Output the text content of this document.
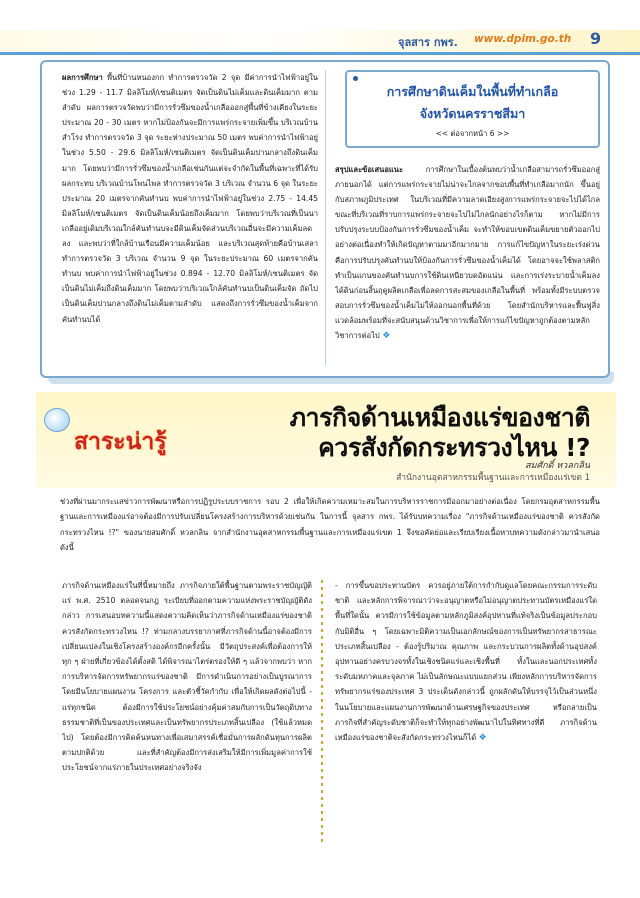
จุลสาร กพร. www.dpim.go.th 9
ผลการศึกษา พื้นที่บ้านหนองกก ทำการตรวจวัด 2 จุด มีค่าการนำไฟฟ้าอยู่ในช่วง 1.29 - 11.7 มิลลิโมห์/เซนติเมตร จัดเป็นดินไม่เค็มและดินเค็มมาก ตามลำดับ ผลการตรวจวัดพบว่ามีการรั่วซึมของน้ำเกลือออกสู่พื้นที่ข้างเคียงในระยะประมาณ 20 - 30 เมตร หากไม่ป้องกันจะมีการแพร่กระจายเพิ่มขึ้น บริเวณบ้านสำโรง ทำการตรวจวัด 3 จุด ระยะห่างประมาณ 50 เมตร พบค่าการนำไฟฟ้าอยู่ในช่วง 5.50 - 29.6 มิลลิโมห์/เซนติเมตร จัดเป็นดินเค็มปานกลางถึงดินเค็มมาก โดยพบว่ามีการรั่วซึมของน้ำเกลือเช่นกันแต่จะจำกัดในพื้นที่เฉพาะที่ได้รับผลกระทบ บริเวณบ้านโพนไพล ทำการตรวจวัด 3 บริเวณ จำนวน 6 จุด ในระยะประมาณ 20 เมตรจากคันทำนบ พบค่าการนำไฟฟ้าอยู่ในช่วง 2.75 - 14.45 มิลลิโมห์/เซนติเมตร จัดเป็นดินเค็มน้อยถึงเค็มมาก โดยพบว่าบริเวณที่เป็นนาเกลืออยู่เดิมบริเวณใกล้คันทำนบจะมีดินเค็มจัดส่วนบริเวณอื่นจะมีความเค็มลดลง และพบว่าที่ใกล้บ้านเรือนมีความเค็มน้อย และบริเวณสุดท้ายคือบ้านเสลา ทำการตรวจวัด 3 บริเวณ จำนวน 9 จุด ในระยะประมาณ 60 เมตรจากคันทำนบ พบค่าการนำไฟฟ้าอยู่ในช่วง 0.894 - 12.70 มิลลิโมห์/เซนติเมตร จัดเป็นดินไม่เค็มถึงดินเค็มมาก โดยพบว่าบริเวณใกล้คันทำนบเป็นดินเค็มจัด ถัดไปเป็นดินเค็มปานกลางถึงดินไม่เค็มตามลำดับ แสดงถึงการรั่วซึมของน้ำเค็มจากคันทำนบได้
การศึกษาดินเค็มในพื้นที่ทำเกลือ
จังหวัดนครราชสีมา
<< ต่อจากหน้า 6 >>
สรุปและข้อเสนอแนะ การศึกษาในเบื้องต้นพบว่าน้ำเกลือสามารถรั่วซึมออกสู่ภายนอกได้ แต่การแพร่กระจายไม่น่าจะไกลจากขอบพื้นที่ทำเกลือมากนัก ขึ้นอยู่กับสภาพภูมิประเทศ ในบริเวณที่มีความลาดเอียงสูงการแพร่กระจายจะไปได้ไกลขณะที่บริเวณที่ราบการแพร่กระจายจะไปไม่ไกลนักอย่างไรก็ตาม หากไม่มีการปรับปรุงระบบป้องกันการรั่วซึมของน้ำเค็ม จะทำให้ขอบเขตดินเค็มขยายตัวออกไปอย่างต่อเนื่องทำให้เกิดปัญหาตามมาอีกมากมาย การแก้ไขปัญหาในระยะเร่งด่วนคือการปรับปรุงคันทำนบให้ป้องกันการรั่วซึมของน้ำเค็มได้ โดยอาจจะใช้พลาสติกทำเป็นแกนของคันทำนบการใช้ดินเหนียวบดอัดแน่น และการเร่งระบายน้ำเค็มลงได้ดินก่อนสิ้นฤดูผลิตเกลือเพื่อลดการสะสมของเกลือในพื้นที่ พร้อมทั้งมีระบบตรวจสอบการรั่วซึมของน้ำเค็มไม่ให้ออกนอกพื้นที่ด้วย โดยสำนักบริหารและฟื้นฟูสิ่งแวดล้อมพร้อมที่จะสนับสนุนด้านวิชาการเพื่อให้การแก้ไขปัญหาถูกต้องตามหลักวิชาการต่อไป ❖
สาระน่ารู้
ภารกิจด้านเหมืองแร่ของชาติ
ควรสังกัดกระทรวงไหน !?
สมศักดิ์ หวลกลิน
สำนักงานอุตสาหกรรมพื้นฐานและการเหมืองแร่เขต 1
ช่วงที่ผ่านมากระแสข่าวการพัฒนาหรือการปฏิรูประบบราชการ รอบ 2 เพื่อให้เกิดความเหมาะสมในการบริหารราชการมีออกมาอย่างต่อเนื่อง โดยกรมอุตสาหกรรมพื้นฐานและการเหมืองแร่อาจต้องมีการปรับเปลี่ยนโครงสร้างการบริหารด้วยเช่นกัน ในการนี้ จุลสาร กพร. ได้รับบทความเรื่อง "ภารกิจด้านเหมืองแร่ของชาติ ควรสังกัดกระทรวงไหน !?" ของนายสมศักดิ์ หวลกลิน จากสำนักงานอุตสาหกรรมพื้นฐานและการเหมืองแร่เขต 1 จึงขอคัดย่อและเรียบเรียงเนื้อหาบทความดังกล่าวมานำเสนอ ดังนี้
ภารกิจด้านเหมืองแร่ในที่นี้หมายถึง ภารกิจภายใต้พื้นฐานตามพระราชบัญญัติแร่ พ.ศ. 2510 ตลอดจนกฎ ระเบียบที่ออกตามความแห่งพระราชบัญญัติดังกล่าว การเสนอบทความนี้แสดงความคิดเห็นว่าภารกิจด้านเหมืองแร่ของชาติ ควรสังกัดกระทรวงไหน !? ท่ามกลางบรรยากาศที่ภารกิจด้านนี้อาจต้องมีการเปลี่ยนแปลงในเชิงโครงสร้างองค์กรอีกครั้งนั้น มีวัตถุประสงค์เพื่อต้องการให้ทุก ๆ ฝ่ายที่เกี่ยวข้องได้ตั้งสติ ได้พิจารณาไตร่ตรองให้ดี ๆ แล้วจากพบว่า หากการบริหารจัดการทรัพยากรแร่ของชาติ มีการดำเนินการอย่างเป็นบูรณาการ โดยมีนโยบายแผนงาน โครงการ และตัวชี้วัดกำกับ เพื่อให้เกิดผลดังต่อไปนี้ - แร่ทุกชนิด ต้องมีการใช้ประโยชน์อย่างคุ้มค่าสมกับการเป็นวัตถุดิบทางธรรมชาติที่เป็นของประเทศและเป็นทรัพยากรประเภทสิ้นเปลือง (ใช้แล้วหมดไป) โดยต้องมีการคิดค้นหนทางเพื่อเสมาสรรค์เชื่อมั่นการผลักดันทุนการผลิตตามปกติด้วย และที่สำคัญต้องมีการส่งเสริมให้มีการเพิ่มมูลค่าการใช้ประโยชน์จากแร่ภายในประเทศอย่างจริงจัง
- การขึ้นขอประทานบัตร ควรอยู่ภายใต้การกำกับดูแลโดยคณะกรรมการระดับชาติ และหลักการพิจารณาว่าจะอนุญาตหรือไม่อนุญาตประทานบัตรเหมืองแร่ใด พื้นที่ใดนั้น ควรมีการใช้ข้อมูลตามหลักภูมิสงค์อุปทานที่แท้จริงเป็นข้อมูลประกอบกับมิติอื่น ๆ โดยเฉพาะมิติความเป็นเอกลักษณ์ของการเป็นทรัพยากรสาธารณะประเภทสิ้นเปลือง - ต้องรู้ปริมาณ คุณภาพ และกระบวนการผลิตทั้งด้านอุปสงค์ อุปทานอย่างครบวงจรทั้งในเชิงชนิดแร่และเชิงพื้นที่ ทั้งในและนอกประเทศทั้งระดับมหภาคและจุลภาค ไม่เป็นลักษณะแบบแยกส่วน เพียงหลักการบริหารจัดการทรัพยากรแร่ของประเทศ 3 ประเด็นดังกล่าวนี้ ถูกผลักดันให้บรรจุไว้เป็นส่วนหนึ่งในนโยบายและแผนงานการพัฒนาด้านเศรษฐกิจของประเทศ หรือกลายเป็นภารกิจที่สำคัญระดับชาติก็จะทำให้ทุกอย่างพัฒนาไปในทิศทางที่ดี ภารกิจด้านเหมืองแร่ของชาติจะสังกัดกระทรวงไหนก็ได้ ❖
